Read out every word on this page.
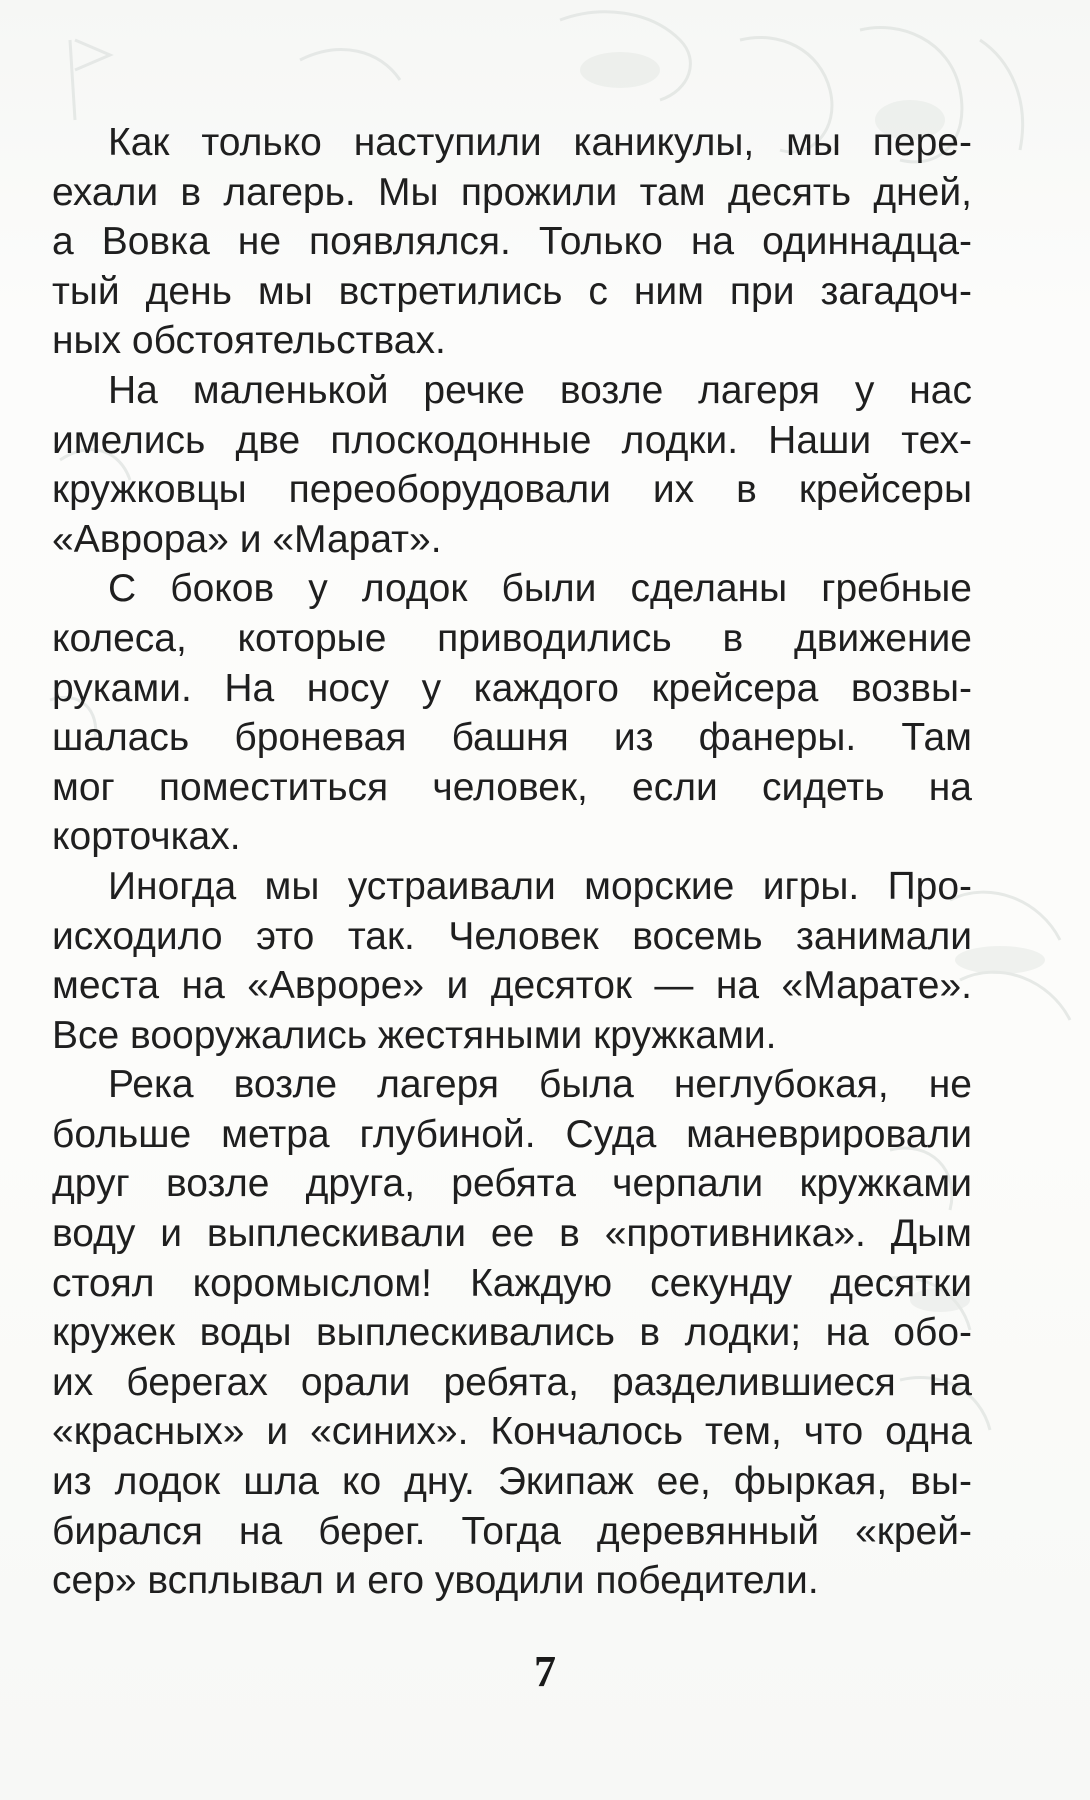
Как только наступили каникулы, мы пере-
ехали в лагерь. Мы прожили там десять дней,
а Вовка не появлялся. Только на одиннадца-
тый день мы встретились с ним при загадоч-
ных обстоятельствах.

На маленькой речке возле лагеря у нас
имелись две плоскодонные лодки. Наши тех-
кружковцы переоборудовали их в крейсеры
«Аврора» и «Марат».

С боков у лодок были сделаны гребные
колеса, которые приводились в движение
руками. На носу у каждого крейсера возвы-
шалась броневая башня из фанеры. Там
мог поместиться человек, если сидеть на
корточках.

Иногда мы устраивали морские игры. Про-
исходило это так. Человек восемь занимали
места на «Авроре» и десяток — на «Марате».
Все вооружались жестяными кружками.

Река возле лагеря была неглубокая, не
больше метра глубиной. Суда маневрировали
друг возле друга, ребята черпали кружками
воду и выплескивали ее в «противника». Дым
стоял коромыслом! Каждую секунду десятки
кружек воды выплескивались в лодки; на обо-
их берегах орали ребята, разделившиеся на
«красных» и «синих». Кончалось тем, что одна
из лодок шла ко дну. Экипаж ее, фыркая, вы-
бирался на берег. Тогда деревянный «крей-
сер» всплывал и его уводили победители.

7
